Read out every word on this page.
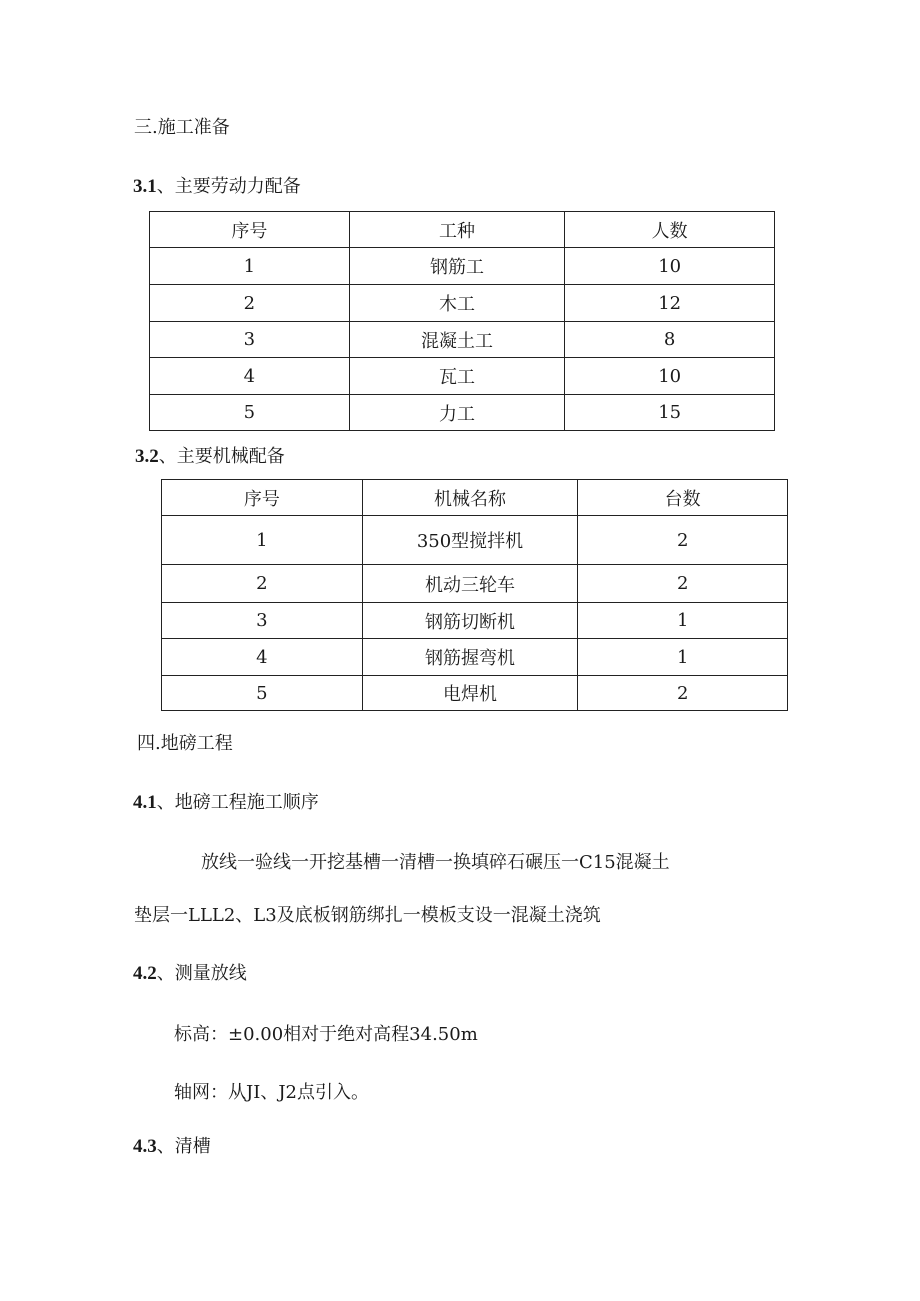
三.施工准备
3.1、主要劳动力配备
序号	工种	人数
1	钢筋工	10
2	木工	12
3	混凝土工	8
4	瓦工	10
5	力工	15
3.2、主要机械配备
序号	机械名称	台数
1	350型搅拌机	2
2	机动三轮车	2
3	钢筋切断机	1
4	钢筋握弯机	1
5	电焊机	2
四.地磅工程
4.1、地磅工程施工顺序
放线一验线一开挖基槽一清槽一换填碎石碾压一C15混凝土
垫层一LLL2、L3及底板钢筋绑扎一模板支设一混凝土浇筑
4.2、测量放线
标高：±0.00相对于绝对高程34.50m
轴网：从JI、J2点引入。
4.3、清槽
